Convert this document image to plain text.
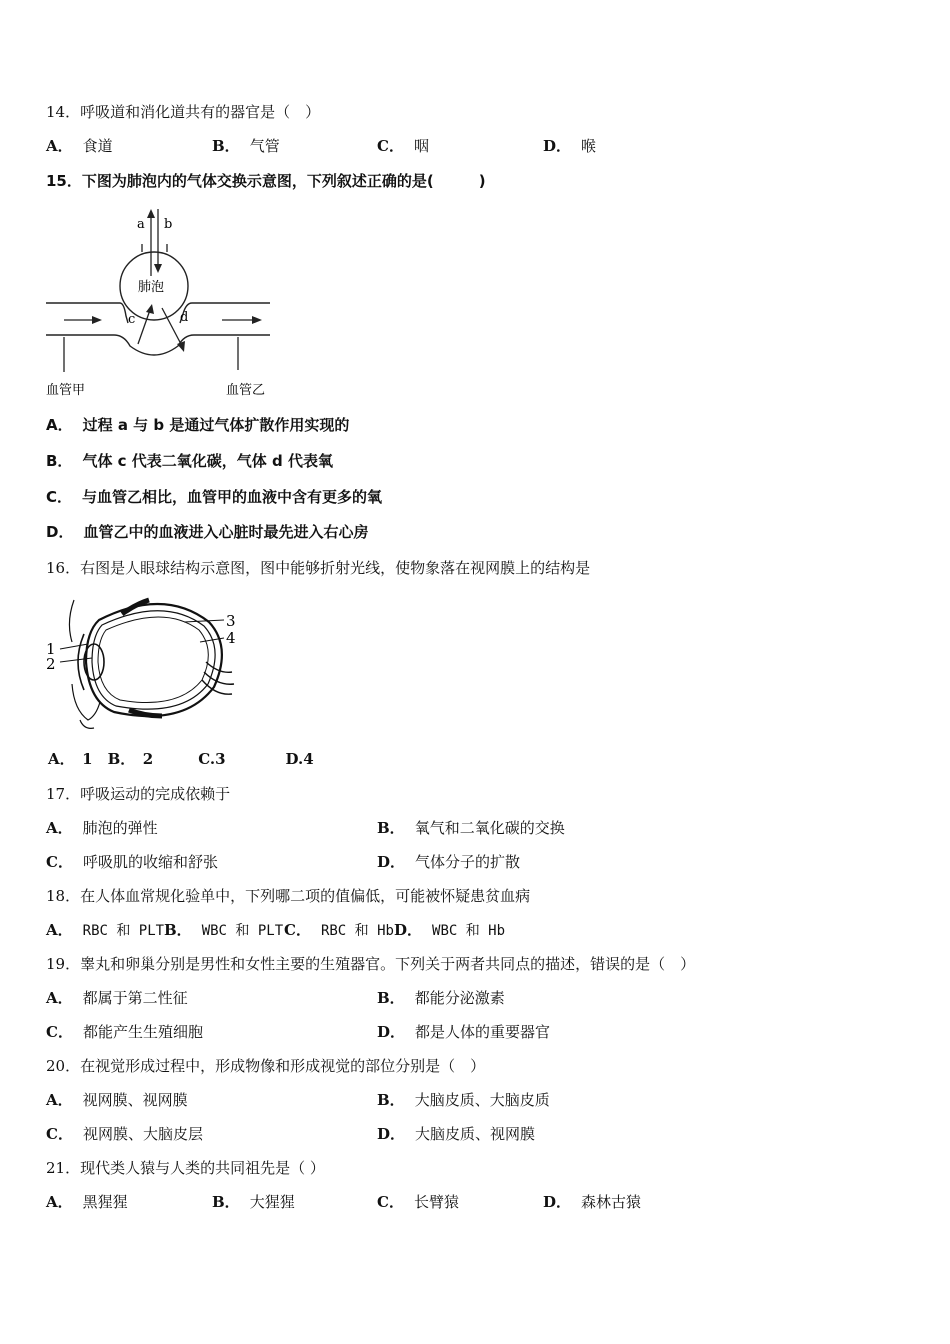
14．呼吸道和消化道共有的器官是（　）
A． 食道	B． 气管	C． 咽	D． 喉
15．下图为肺泡内的气体交换示意图，下列叙述正确的是(　　　)
a b
肺泡
c	d
血管甲	血管乙
A． 过程 a 与 b 是通过气体扩散作用实现的
B． 气体 c 代表二氧化碳，气体 d 代表氧
C． 与血管乙相比，血管甲的血液中含有更多的氧
D． 血管乙中的血液进入心脏时最先进入右心房
16．右图是人眼球结构示意图，图中能够折射光线，使物象落在视网膜上的结构是
1
2
3
4
A．　1　B．　2　　　C.3　　　　D.4
17．呼吸运动的完成依赖于
A． 肺泡的弹性	B． 氧气和二氧化碳的交换
C． 呼吸肌的收缩和舒张	D． 气体分子的扩散
18．在人体血常规化验单中，下列哪二项的值偏低，可能被怀疑患贫血病
A． RBC 和 PLT B． WBC 和 PLT C． RBC 和 Hb D． WBC 和 Hb
19．睾丸和卵巢分别是男性和女性主要的生殖器官。下列关于两者共同点的描述，错误的是（　）
A． 都属于第二性征	B． 都能分泌激素
C． 都能产生生殖细胞	D． 都是人体的重要器官
20．在视觉形成过程中，形成物像和形成视觉的部位分别是（　）
A． 视网膜、视网膜	B． 大脑皮质、大脑皮质
C． 视网膜、大脑皮层	D． 大脑皮质、视网膜
21．现代类人猿与人类的共同祖先是（ ）
A． 黑猩猩	B． 大猩猩	C． 长臂猿	D． 森林古猿
